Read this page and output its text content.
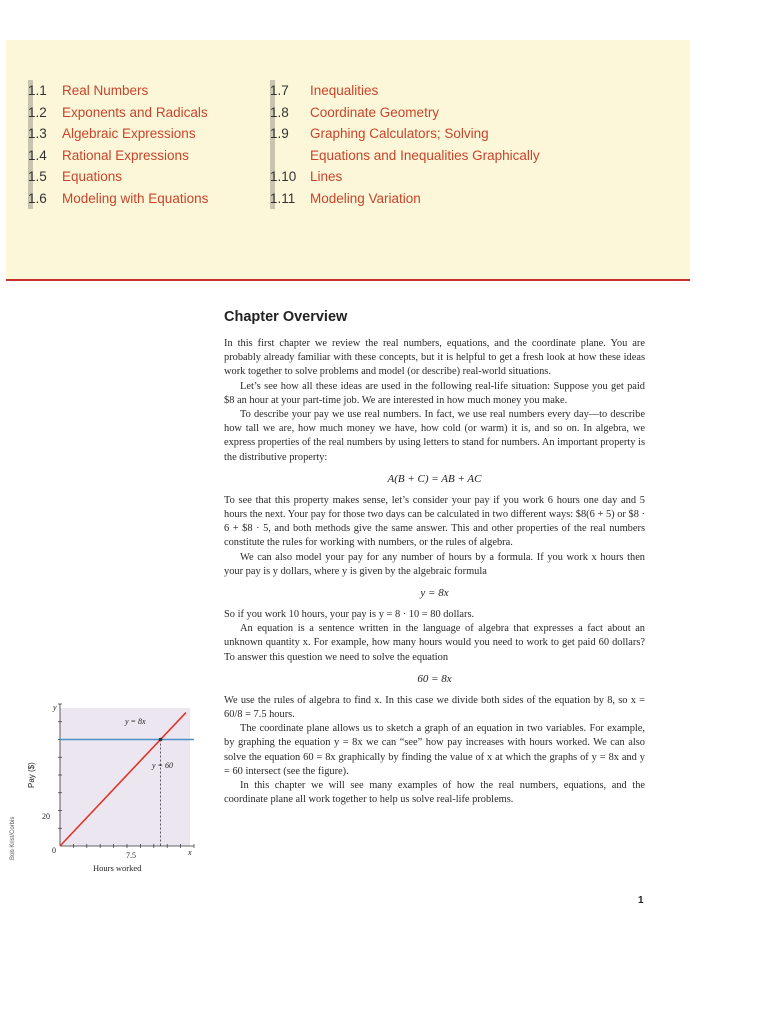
1.1	Real Numbers
1.2	Exponents and Radicals
1.3	Algebraic Expressions
1.4	Rational Expressions
1.5	Equations
1.6	Modeling with Equations
1.7	Inequalities
1.8	Coordinate Geometry
1.9	Graphing Calculators; Solving
Equations and Inequalities Graphically
1.10	Lines
1.11	Modeling Variation
Chapter Overview

In this first chapter we review the real numbers, equations, and the coordinate plane. You are probably already familiar with these concepts, but it is helpful to get a fresh look at how these ideas work together to solve problems and model (or describe) real-world situations.

Let’s see how all these ideas are used in the following real-life situation: Suppose you get paid $8 an hour at your part-time job. We are interested in how much money you make.

To describe your pay we use real numbers. In fact, we use real numbers every day—to describe how tall we are, how much money we have, how cold (or warm) it is, and so on. In algebra, we express properties of the real numbers by using letters to stand for numbers. An important property is the distributive property:

A(B + C) = AB + AC

To see that this property makes sense, let’s consider your pay if you work 6 hours one day and 5 hours the next. Your pay for those two days can be calculated in two different ways: $8(6 + 5) or $8 · 6 + $8 · 5, and both methods give the same answer. This and other properties of the real numbers constitute the rules for working with numbers, or the rules of algebra.

We can also model your pay for any number of hours by a formula. If you work x hours then your pay is y dollars, where y is given by the algebraic formula

y = 8x

So if you work 10 hours, your pay is y = 8 · 10 = 80 dollars.

An equation is a sentence written in the language of algebra that expresses a fact about an unknown quantity x. For example, how many hours would you need to work to get paid 60 dollars? To answer this question we need to solve the equation

60 = 8x

We use the rules of algebra to find x. In this case we divide both sides of the equation by 8, so x = 60/8 = 7.5 hours.

The coordinate plane allows us to sketch a graph of an equation in two variables. For example, by graphing the equation y = 8x we can “see” how pay increases with hours worked. We can also solve the equation 60 = 8x graphically by finding the value of x at which the graphs of y = 8x and y = 60 intersect (see the figure).

In this chapter we will see many examples of how the real numbers, equations, and the coordinate plane all work together to help us solve real-life problems.

y = 8x
y = 60
y
x
0
20
7.5
Hours worked
Pay ($)
Bob Krist/Corbis
1
